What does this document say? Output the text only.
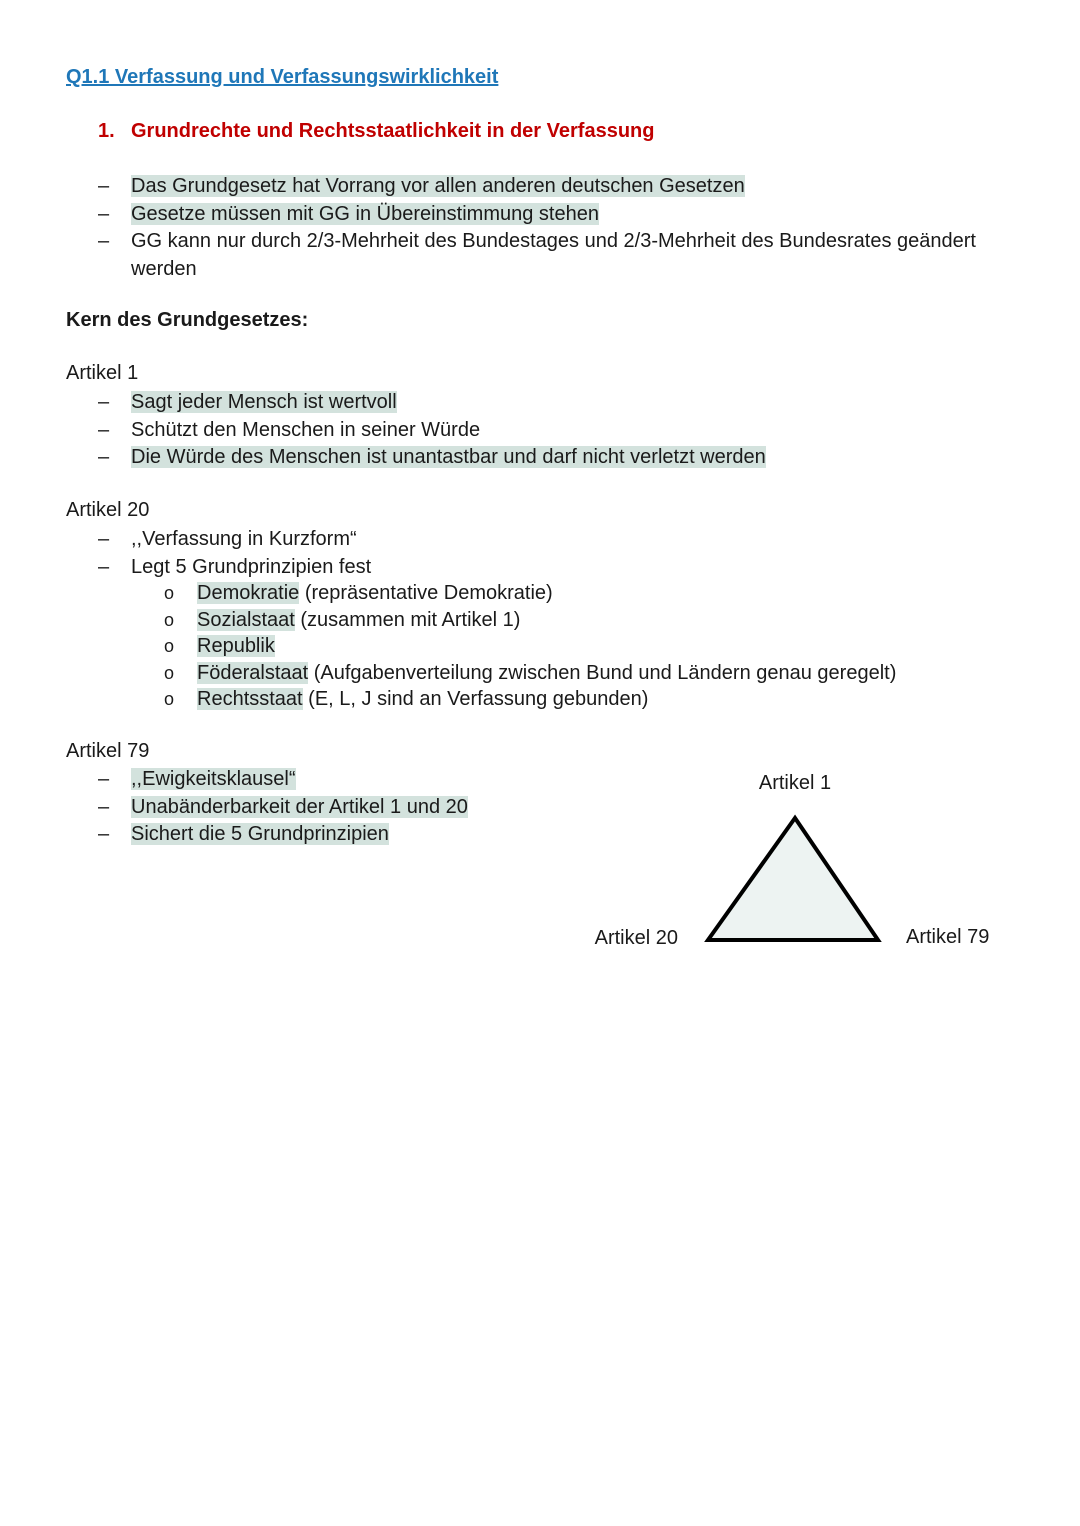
Q1.1 Verfassung und Verfassungswirklichkeit
1. Grundrechte und Rechtsstaatlichkeit in der Verfassung
– Das Grundgesetz hat Vorrang vor allen anderen deutschen Gesetzen
– Gesetze müssen mit GG in Übereinstimmung stehen
– GG kann nur durch 2/3-Mehrheit des Bundestages und 2/3-Mehrheit des Bundesrates geändert werden
Kern des Grundgesetzes:
Artikel 1
– Sagt jeder Mensch ist wertvoll
– Schützt den Menschen in seiner Würde
– Die Würde des Menschen ist unantastbar und darf nicht verletzt werden
Artikel 20
– ,,Verfassung in Kurzform“
– Legt 5 Grundprinzipien fest
o Demokratie (repräsentative Demokratie)
o Sozialstaat (zusammen mit Artikel 1)
o Republik
o Föderalstaat (Aufgabenverteilung zwischen Bund und Ländern genau geregelt)
o Rechtsstaat (E, L, J sind an Verfassung gebunden)
Artikel 79
– ,,Ewigkeitsklausel“
– Unabänderbarkeit der Artikel 1 und 20
– Sichert die 5 Grundprinzipien
Artikel 1
Artikel 20	Artikel 79
